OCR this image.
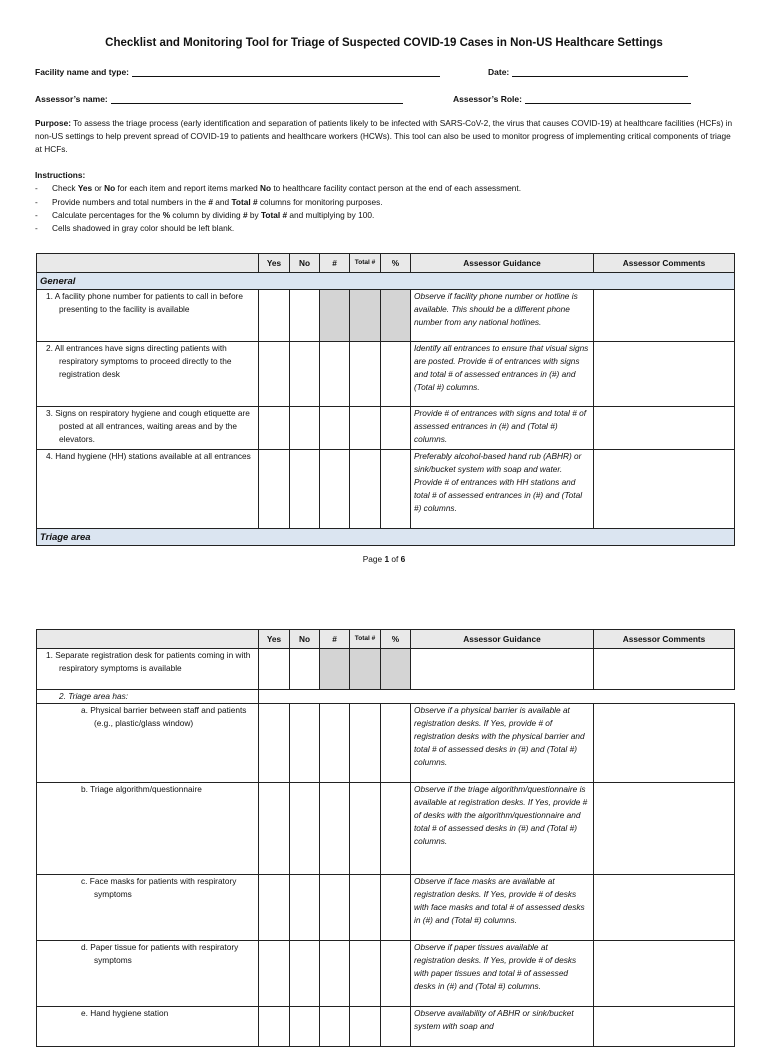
Checklist and Monitoring Tool for Triage of Suspected COVID-19 Cases in Non-US Healthcare Settings
Facility name and type:	Date:
Assessor’s name:	Assessor’s Role:
Purpose: To assess the triage process (early identification and separation of patients likely to be infected with SARS-CoV-2, the virus that causes COVID-19) at healthcare facilities (HCFs) in non-US settings to help prevent spread of COVID-19 to patients and healthcare workers (HCWs). This tool can also be used to monitor progress of implementing critical components of triage at HCFs.
Instructions:
- Check Yes or No for each item and report items marked No to healthcare facility contact person at the end of each assessment.
- Provide numbers and total numbers in the # and Total # columns for monitoring purposes.
- Calculate percentages for the % column by dividing # by Total # and multiplying by 100.
- Cells shadowed in gray color should be left blank.
	Yes	No	#	Total #	%	Assessor Guidance	Assessor Comments
General							
1. A facility phone number for patients to call in before presenting to the facility is available						Observe if facility phone number or hotline is available. This should be a different phone number from any national hotlines.	
2. All entrances have signs directing patients with respiratory symptoms to proceed directly to the registration desk						Identify all entrances to ensure that visual signs are posted. Provide # of entrances with signs and total # of assessed entrances in (#) and (Total #) columns.	
3. Signs on respiratory hygiene and cough etiquette are posted at all entrances, waiting areas and by the elevators.						Provide # of entrances with signs and total # of assessed entrances in (#) and (Total #) columns.	
4. Hand hygiene (HH) stations available at all entrances						Preferably alcohol-based hand rub (ABHR) or sink/bucket system with soap and water. Provide # of entrances with HH stations and total # of assessed entrances in (#) and (Total #) columns.	
Triage area							
Page 1 of 6
	Yes	No	#	Total #	%	Assessor Guidance	Assessor Comments
1. Separate registration desk for patients coming in with respiratory symptoms is available							
2. Triage area has:							
a. Physical barrier between staff and patients (e.g., plastic/glass window)						Observe if a physical barrier is available at registration desks. If Yes, provide # of registration desks with the physical barrier and total # of assessed desks in (#) and (Total #) columns.	
b. Triage algorithm/questionnaire						Observe if the triage algorithm/questionnaire is available at registration desks. If Yes, provide # of desks with the algorithm/questionnaire and total # of assessed desks in (#) and (Total #) columns.	
c. Face masks for patients with respiratory symptoms						Observe if face masks are available at registration desks. If Yes, provide # of desks with face masks and total # of assessed desks in (#) and (Total #) columns.	
d. Paper tissue for patients with respiratory symptoms						Observe if paper tissues available at registration desks. If Yes, provide # of desks with paper tissues and total # of assessed desks in (#) and (Total #) columns.	
e. Hand hygiene station						Observe availability of ABHR or sink/bucket system with soap and	
